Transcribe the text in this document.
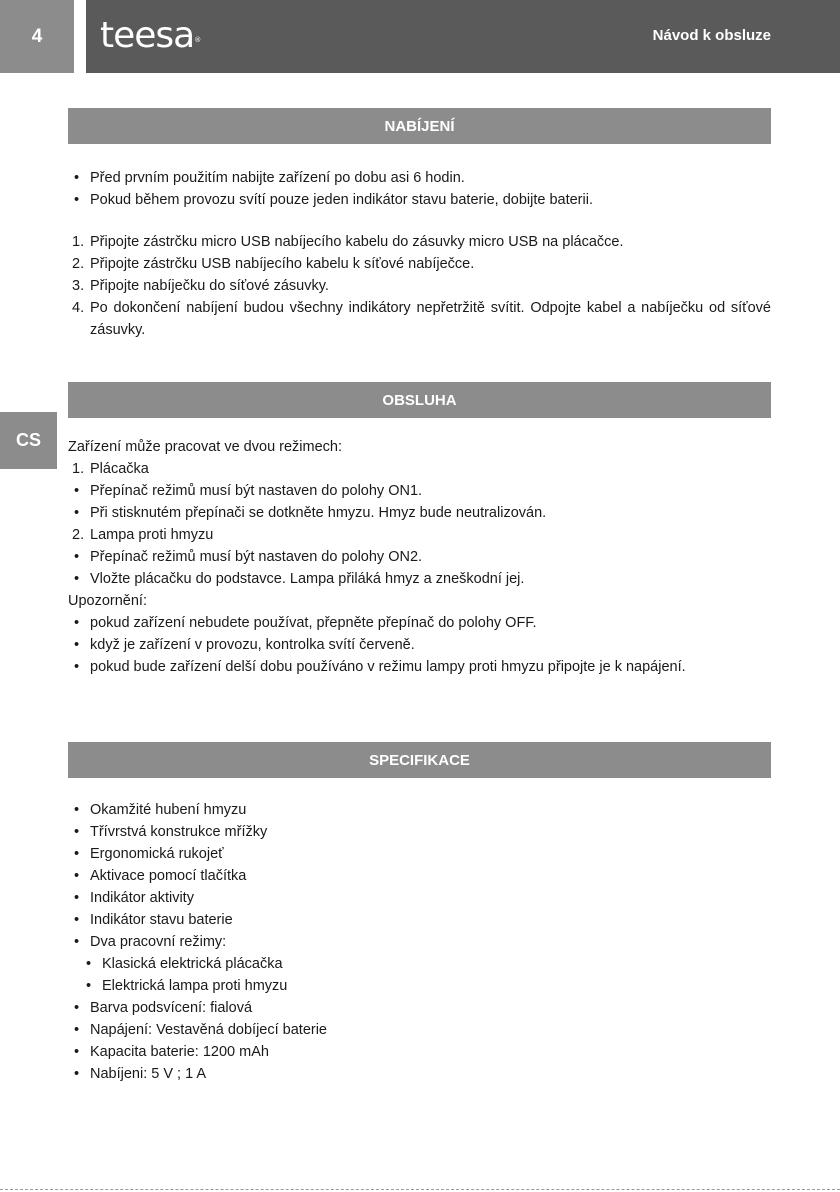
4	teesa®	Návod k obsluze
CS
NABÍJENÍ
• Před prvním použitím nabijte zařízení po dobu asi 6 hodin.
• Pokud během provozu svítí pouze jeden indikátor stavu baterie, dobijte baterii.
1. Připojte zástrčku micro USB nabíjecího kabelu do zásuvky micro USB na plácačce.
2. Připojte zástrčku USB nabíjecího kabelu k síťové nabíječce.
3. Připojte nabíječku do síťové zásuvky.
4. Po dokončení nabíjení budou všechny indikátory nepřetržitě svítit. Odpojte kabel a nabíječku od síťové zásuvky.
OBSLUHA
Zařízení může pracovat ve dvou režimech:
1. Plácačka
• Přepínač režimů musí být nastaven do polohy ON1.
• Při stisknutém přepínači se dotkněte hmyzu. Hmyz bude neutralizován.
2. Lampa proti hmyzu
• Přepínač režimů musí být nastaven do polohy ON2.
• Vložte plácačku do podstavce. Lampa přiláká hmyz a zneškodní jej.
Upozornění:
• pokud zařízení nebudete používat, přepněte přepínač do polohy OFF.
• když je zařízení v provozu, kontrolka svítí červeně.
• pokud bude zařízení delší dobu používáno v režimu lampy proti hmyzu připojte je k napájení.
SPECIFIKACE
• Okamžité hubení hmyzu
• Třívrstvá konstrukce mřížky
• Ergonomická rukojeť
• Aktivace pomocí tlačítka
• Indikátor aktivity
• Indikátor stavu baterie
• Dva pracovní režimy:
• Klasická elektrická plácačka
• Elektrická lampa proti hmyzu
• Barva podsvícení: fialová
• Napájení: Vestavěná dobíjecí baterie
• Kapacita baterie: 1200 mAh
• Nabíjeni: 5 V ; 1 A
